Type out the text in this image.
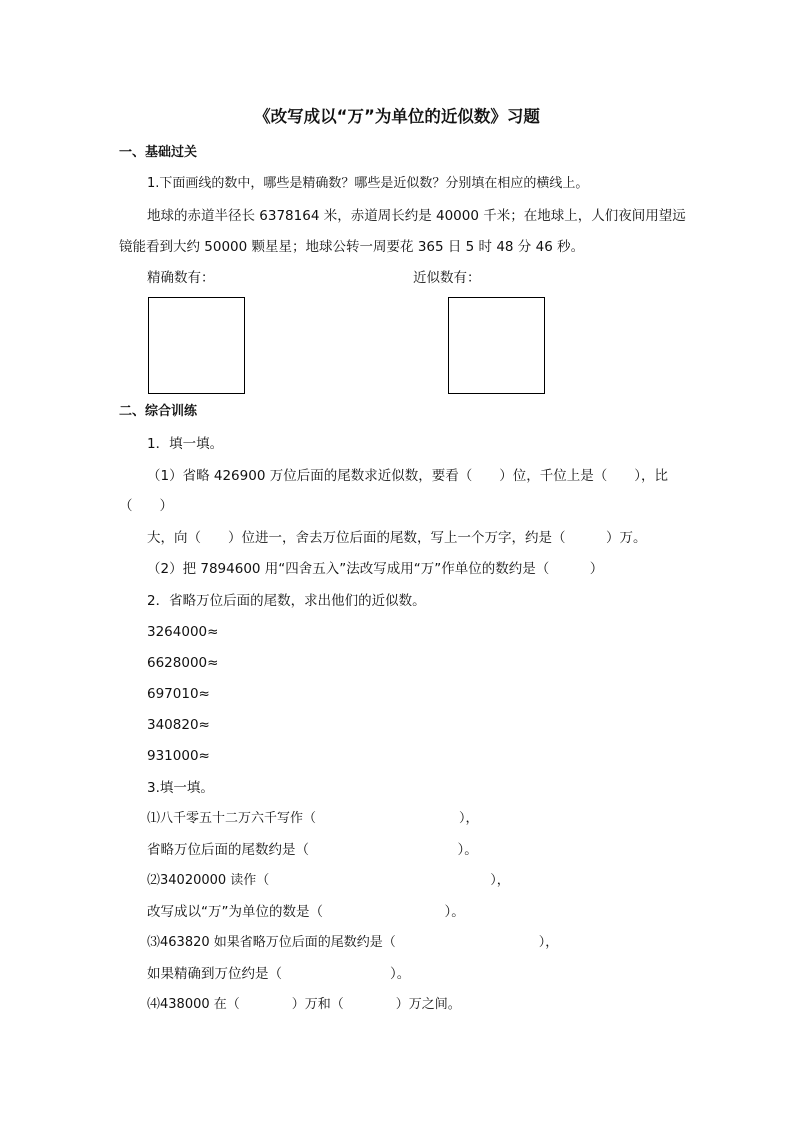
《改写成以“万”为单位的近似数》习题
一、基础过关
1.下面画线的数中，哪些是精确数？哪些是近似数？分别填在相应的横线上。
地球的赤道半径长 6378164 米，赤道周长约是 40000 千米；在地球上，人们夜间用望远
镜能看到大约 50000 颗星星；地球公转一周要花 365 日 5 时 48 分 46 秒。
精确数有：	近似数有：
二、综合训练
1．填一填。
（1）省略 426900 万位后面的尾数求近似数，要看（　　）位，千位上是（　　），比
（　　）
大，向（　　）位进一，舍去万位后面的尾数，写上一个万字，约是（　　　）万。
（2）把 7894600 用“四舍五入”法改写成用“万”作单位的数约是（　　　）
2．省略万位后面的尾数，求出他们的近似数。
3264000≈
6628000≈
697010≈
340820≈
931000≈
3.填一填。
⑴八千零五十二万六千写作（　　　　　　　　　　　），
省略万位后面的尾数约是（　　　　　　　　　　　）。
⑵34020000 读作（　　　　　　　　　　　　　　　　　），
改写成以“万”为单位的数是（　　　　　　　　　）。
⑶463820 如果省略万位后面的尾数约是（　　　　　　　　　　　），
如果精确到万位约是（　　　　　　　　）。
⑷438000 在（　　　　）万和（　　　　）万之间。
